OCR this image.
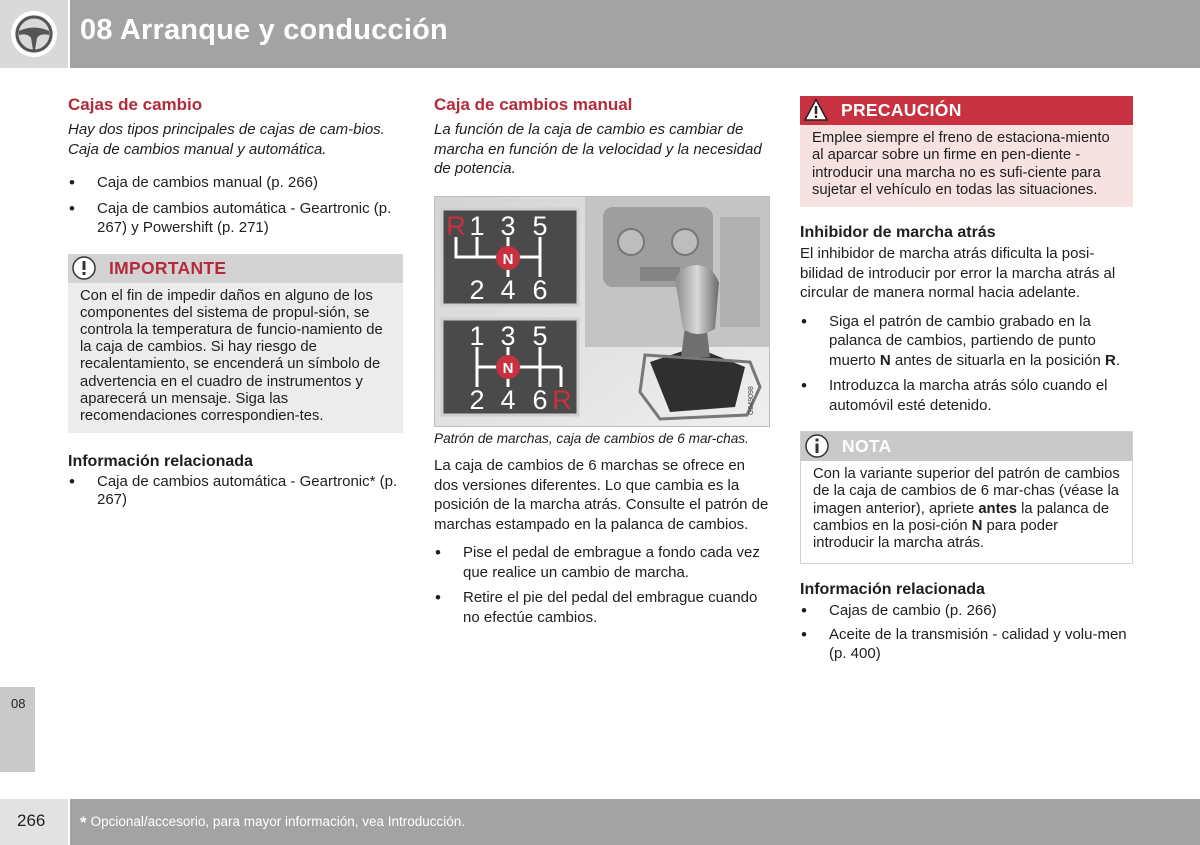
08 Arranque y conducción
08
Cajas de cambio

Hay dos tipos principales de cajas de cam-bios. Caja de cambios manual y automática.

• Caja de cambios manual (p. 266)
• Caja de cambios automática - Geartronic (p. 267) y Powershift (p. 271)
IMPORTANTE

Con el fin de impedir daños en alguno de los componentes del sistema de propul-sión, se controla la temperatura de funcio-namiento de la caja de cambios. Si hay riesgo de recalentamiento, se encenderá un símbolo de advertencia en el cuadro de instrumentos y aparecerá un mensaje. Siga las recomendaciones correspondien-tes.

Información relacionada
• Caja de cambios automática - Geartronic* (p. 267)
Caja de cambios manual

La función de la caja de cambio es cambiar de marcha en función de la velocidad y la necesidad de potencia.

R 1 3 5
2 4 6
1 3 5
2 4 6 R
N
N
G049098

Patrón de marchas, caja de cambios de 6 mar-chas.

La caja de cambios de 6 marchas se ofrece en dos versiones diferentes. Lo que cambia es la posición de la marcha atrás. Consulte el patrón de marchas estampado en la palanca de cambios.

• Pise el pedal de embrague a fondo cada vez que realice un cambio de marcha.
• Retire el pie del pedal del embrague cuando no efectúe cambios.
PRECAUCIÓN

Emplee siempre el freno de estaciona-miento al aparcar sobre un firme en pen-diente - introducir una marcha no es sufi-ciente para sujetar el vehículo en todas las situaciones.

Inhibidor de marcha atrás

El inhibidor de marcha atrás dificulta la posi-bilidad de introducir por error la marcha atrás al circular de manera normal hacia adelante.

• Siga el patrón de cambio grabado en la palanca de cambios, partiendo de punto muerto N antes de situarla en la posición R.
• Introduzca la marcha atrás sólo cuando el automóvil esté detenido.
NOTA

Con la variante superior del patrón de cambios de la caja de cambios de 6 mar-chas (véase la imagen anterior), apriete antes la palanca de cambios en la posi-ción N para poder introducir la marcha atrás.

Información relacionada
• Cajas de cambio (p. 266)
• Aceite de la transmisión - calidad y volu-men (p. 400)
266 * Opcional/accesorio, para mayor información, vea Introducción.
